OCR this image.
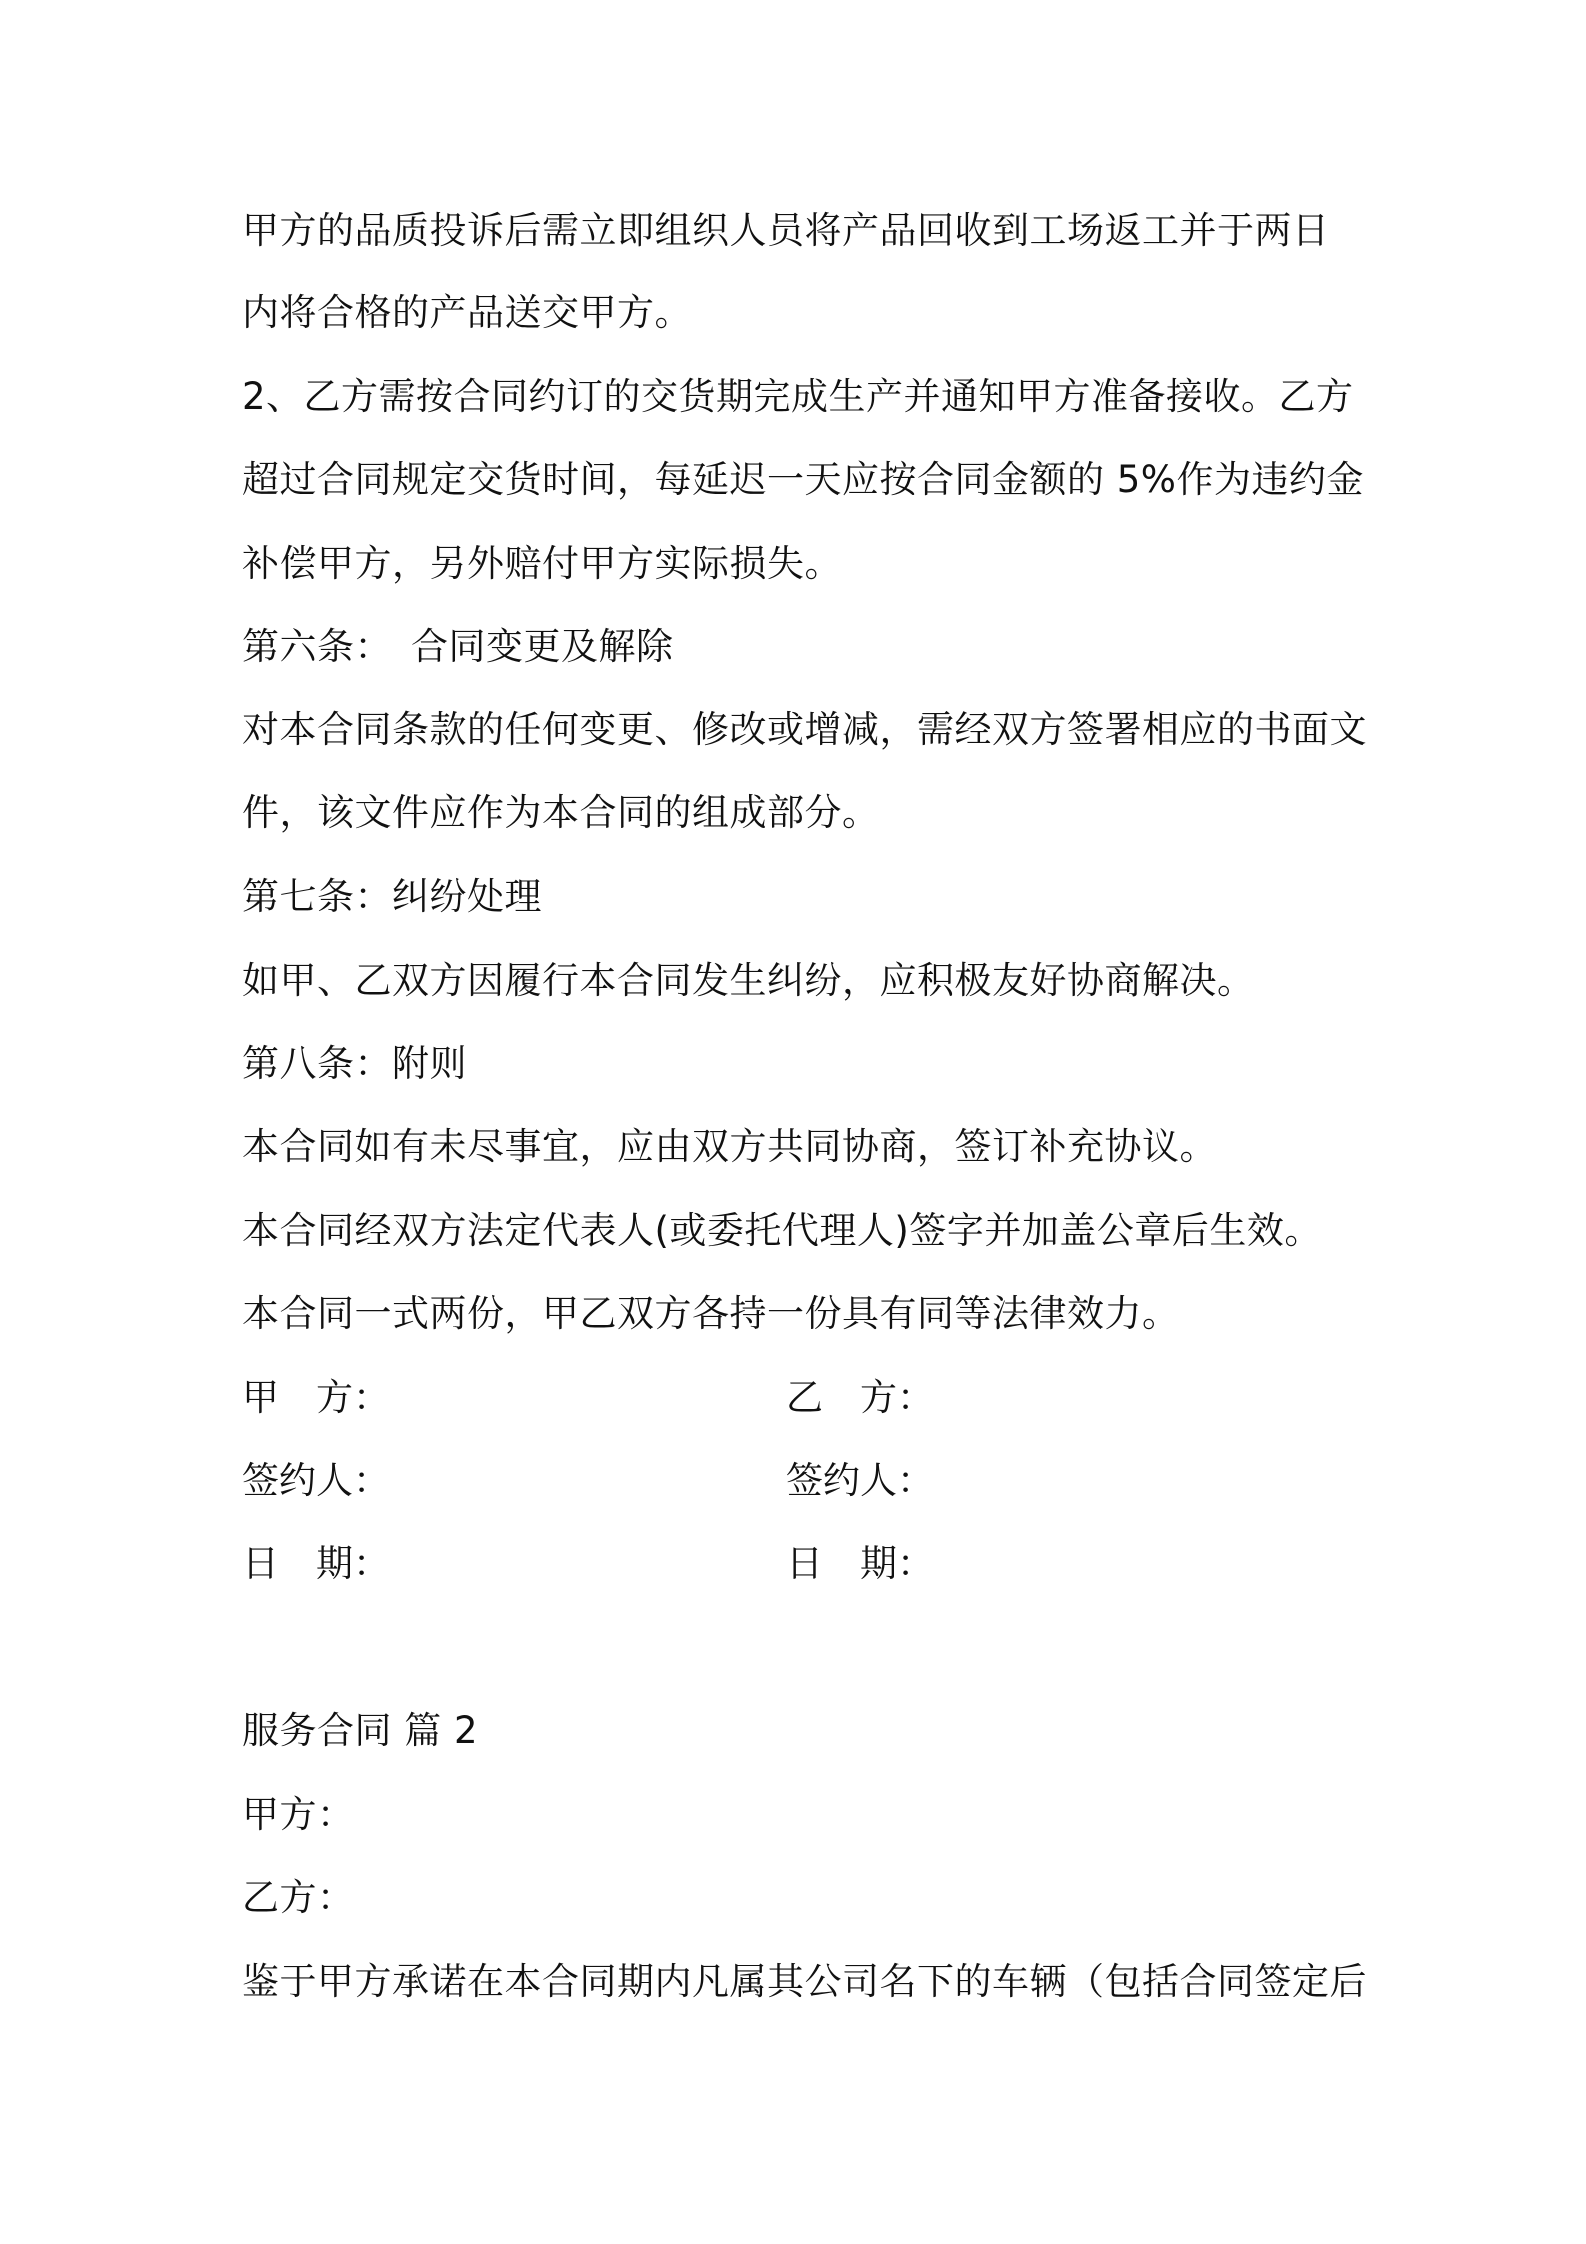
甲方的品质投诉后需立即组织人员将产品回收到工场返工并于两日
内将合格的产品送交甲方。
2、乙方需按合同约订的交货期完成生产并通知甲方准备接收。乙方
超过合同规定交货时间，每延迟一天应按合同金额的 5%作为违约金
补偿甲方，另外赔付甲方实际损失。
第六条：　合同变更及解除
对本合同条款的任何变更、修改或增减，需经双方签署相应的书面文
件，该文件应作为本合同的组成部分。
第七条：纠纷处理
如甲、乙双方因履行本合同发生纠纷，应积极友好协商解决。
第八条：附则
本合同如有未尽事宜，应由双方共同协商，签订补充协议。
本合同经双方法定代表人(或委托代理人)签字并加盖公章后生效。
本合同一式两份，甲乙双方各持一份具有同等法律效力。
甲　方：	乙　方：
签约人：	签约人：
日　期：	日　期：
服务合同 篇 2
甲方：
乙方：
鉴于甲方承诺在本合同期内凡属其公司名下的车辆（包括合同签定后
